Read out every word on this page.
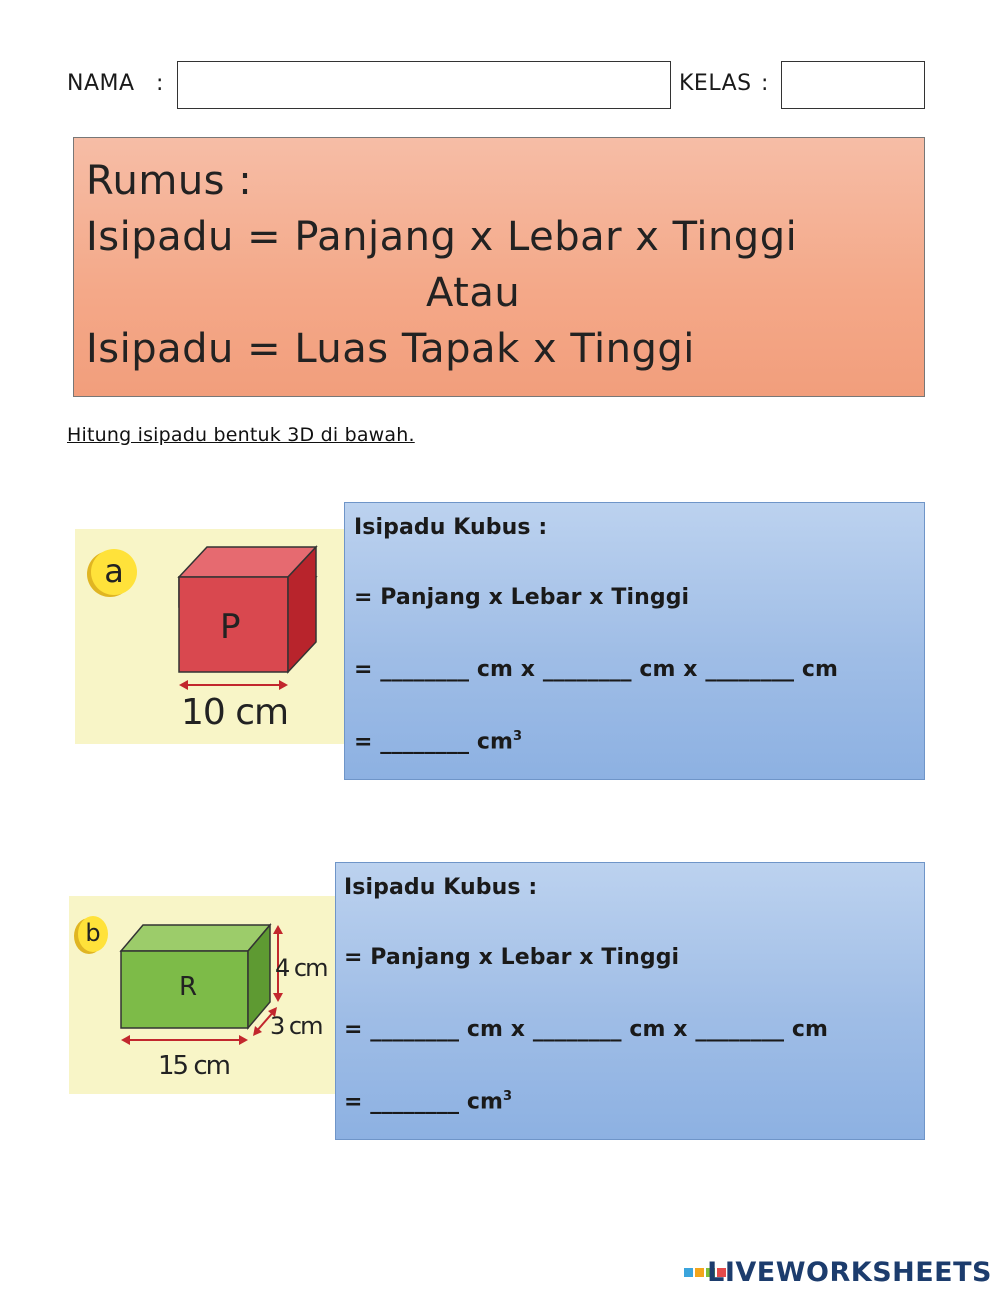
NAMA :	KELAS :
Rumus :
Isipadu = Panjang x Lebar x Tinggi
Atau
Isipadu = Luas Tapak x Tinggi
Hitung isipadu bentuk 3D di bawah.
a
P
10 cm
Isipadu Kubus :
= Panjang x Lebar x Tinggi
= ________ cm x ________ cm x ________ cm
= ________ $cm^3$
b
R
4 cm
3 cm
15 cm
Isipadu Kubus :
= Panjang x Lebar x Tinggi
= ________ cm x ________ cm x ________ cm
= ________ $cm^3$
LIVEWORKSHEETS
